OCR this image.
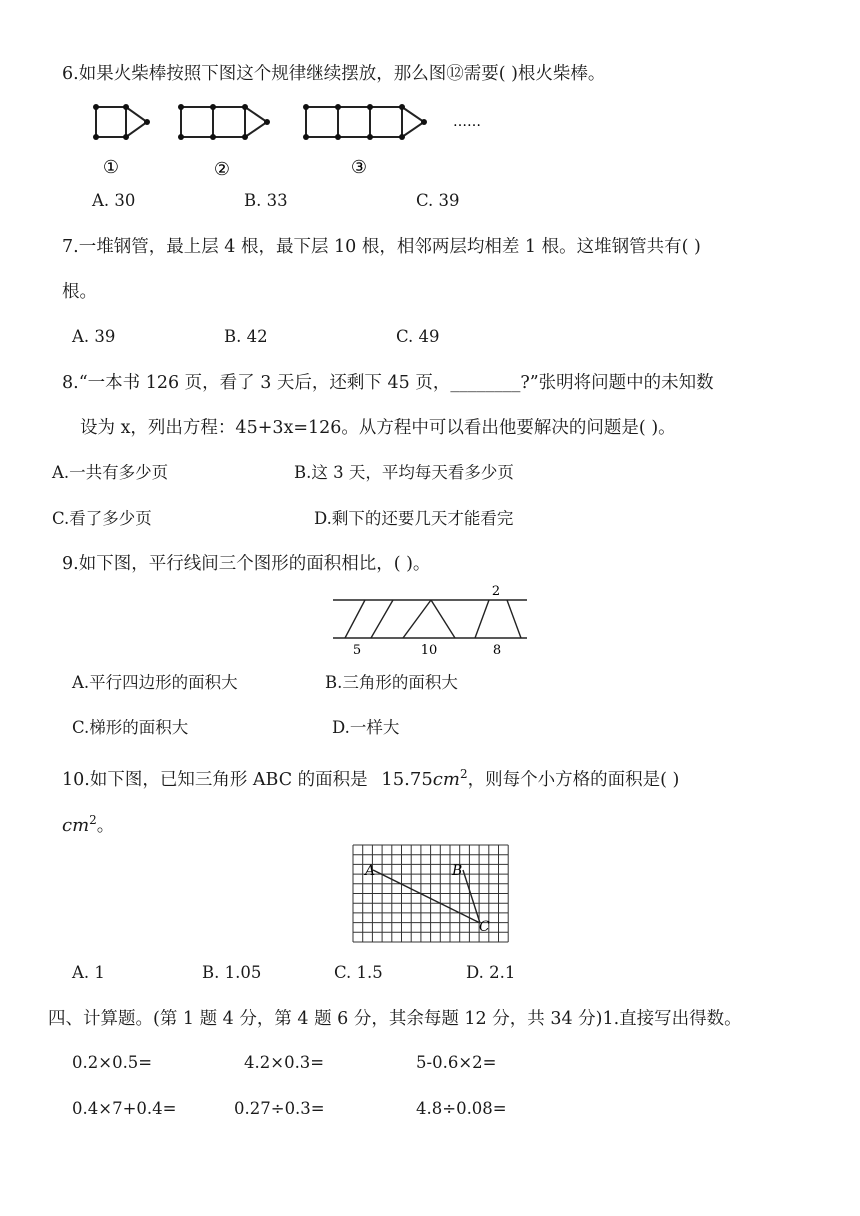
6.如果火柴棒按照下图这个规律继续摆放，那么图⑫需要( )根火柴棒。
①	②	③
……
A. 30	B. 33	C. 39
7.一堆钢管，最上层 4 根，最下层 10 根，相邻两层均相差 1 根。这堆钢管共有( )
根。
A. 39	B. 42	C. 49
8.“一本书 126 页，看了 3 天后，还剩下 45 页，________?”张明将问题中的未知数
设为 x，列出方程：45+3x=126。从方程中可以看出他要解决的问题是( )。
A.一共有多少页	B.这 3 天，平均每天看多少页
C.看了多少页	D.剩下的还要几天才能看完
9.如下图，平行线间三个图形的面积相比，( )。
5	10	8
2
A.平行四边形的面积大	B.三角形的面积大
C.梯形的面积大	D.一样大
10.如下图，已知三角形 ABC 的面积是 $15.75cm^2$，则每个小方格的面积是( )
$cm^2$。
A	B
C
A. 1	B. 1.05	C. 1.5	D. 2.1
四、计算题。(第 1 题 4 分，第 4 题 6 分，其余每题 12 分，共 34 分)1.直接写出得数。
0.2×0.5=	4.2×0.3=	5-0.6×2=
0.4×7+0.4=	0.27÷0.3=	4.8÷0.08=
